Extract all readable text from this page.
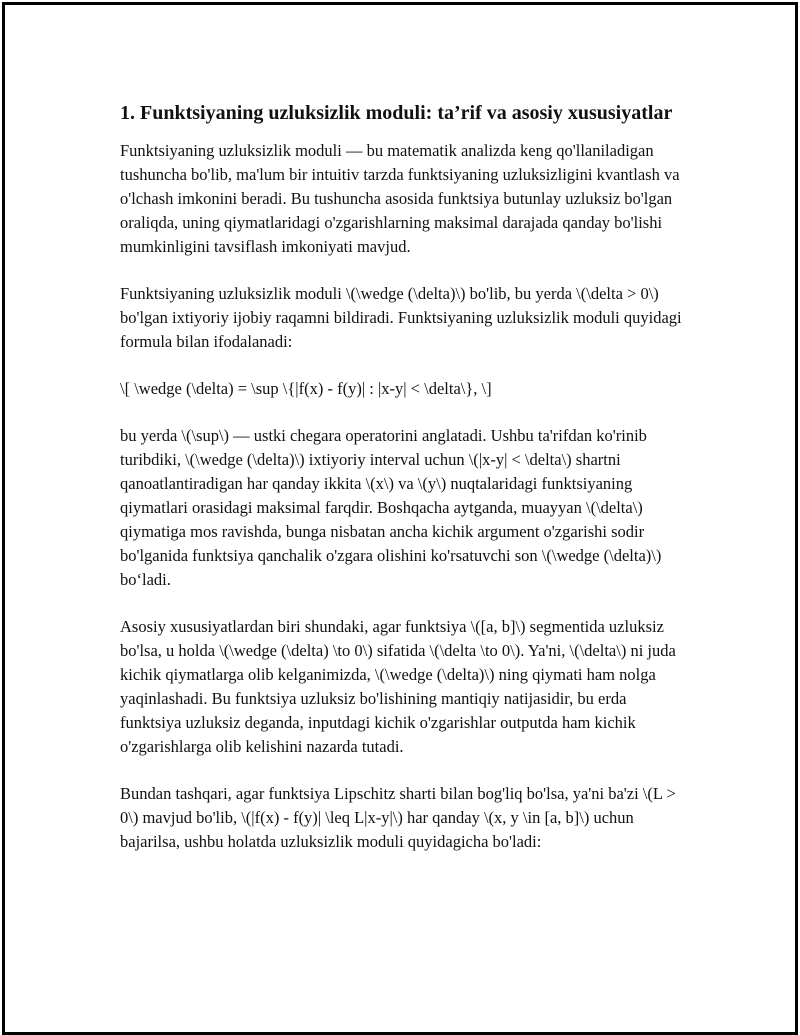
1. Funktsiyaning uzluksizlik moduli: ta’rif va asosiy xususiyatlar

Funktsiyaning uzluksizlik moduli — bu matematik analizda keng qo'llaniladigan tushuncha bo'lib, ma'lum bir intuitiv tarzda funktsiyaning uzluksizligini kvantlash va o'lchash imkonini beradi. Bu tushuncha asosida funktsiya butunlay uzluksiz bo'lgan oraliqda, uning qiymatlaridagi o'zgarishlarning maksimal darajada qanday bo'lishi mumkinligini tavsiflash imkoniyati mavjud.

Funktsiyaning uzluksizlik moduli \(\wedge (\delta)\) bo'lib, bu yerda \(\delta > 0\) bo'lgan ixtiyoriy ijobiy raqamni bildiradi. Funktsiyaning uzluksizlik moduli quyidagi formula bilan ifodalanadi:

\[ \wedge (\delta) = \sup \{|f(x) - f(y)| : |x-y| < \delta\}, \]

bu yerda \(\sup\) — ustki chegara operatorini anglatadi. Ushbu ta'rifdan ko'rinib turibdiki, \(\wedge (\delta)\) ixtiyoriy interval uchun \(|x-y| < \delta\) shartni qanoatlantiradigan har qanday ikkita \(x\) va \(y\) nuqtalaridagi funktsiyaning qiymatlari orasidagi maksimal farqdir. Boshqacha aytganda, muayyan \(\delta\) qiymatiga mos ravishda, bunga nisbatan ancha kichik argument o'zgarishi sodir bo'lganida funktsiya qanchalik o'zgara olishini ko'rsatuvchi son \(\wedge (\delta)\) bo‘ladi.

Asosiy xususiyatlardan biri shundaki, agar funktsiya \([a, b]\) segmentida uzluksiz bo'lsa, u holda \(\wedge (\delta) \to 0\) sifatida \(\delta \to 0\). Ya'ni, \(\delta\) ni juda kichik qiymatlarga olib kelganimizda, \(\wedge (\delta)\) ning qiymati ham nolga yaqinlashadi. Bu funktsiya uzluksiz bo'lishining mantiqiy natijasidir, bu erda funktsiya uzluksiz deganda, inputdagi kichik o'zgarishlar outputda ham kichik o'zgarishlarga olib kelishini nazarda tutadi.

Bundan tashqari, agar funktsiya Lipschitz sharti bilan bog'liq bo'lsa, ya'ni ba'zi \(L > 0\) mavjud bo'lib, \(|f(x) - f(y)| \leq L|x-y|\) har qanday \(x, y \in [a, b]\) uchun bajarilsa, ushbu holatda uzluksizlik moduli quyidagicha bo'ladi:
